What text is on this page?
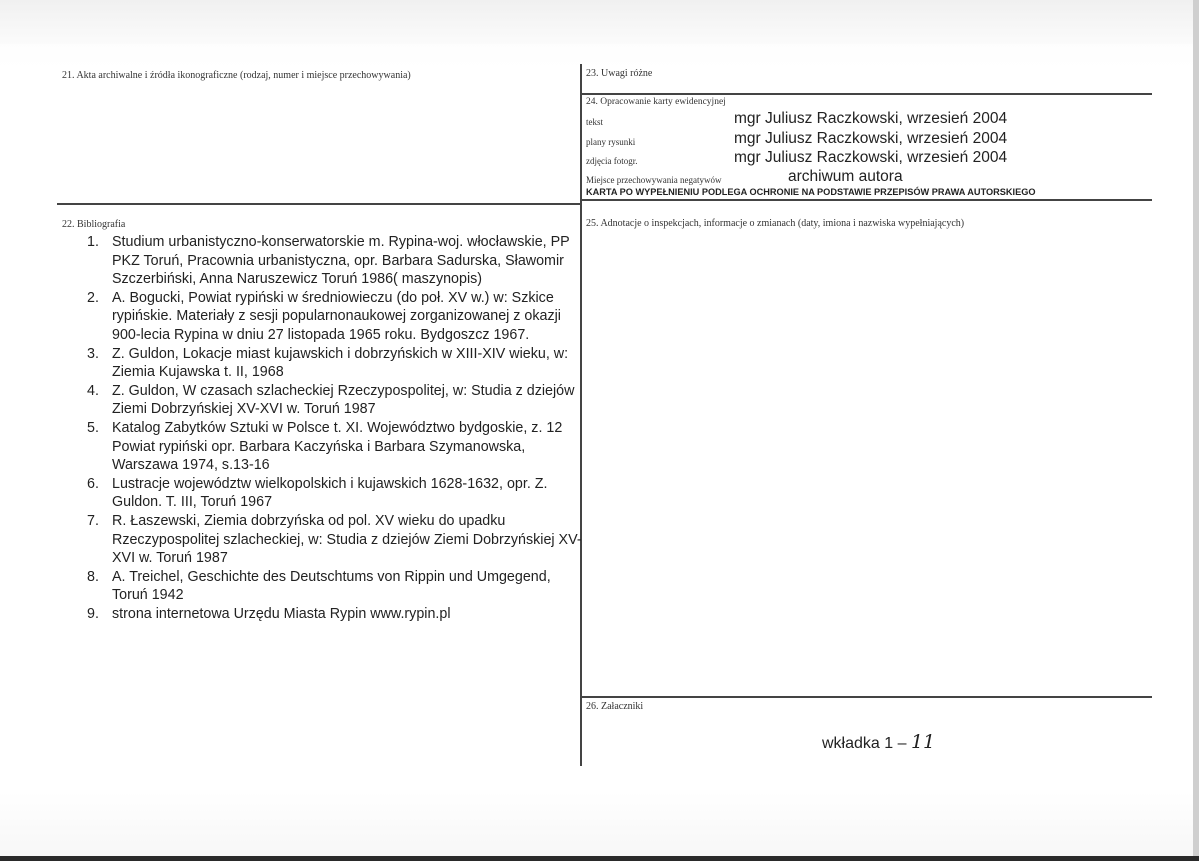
21. Akta archiwalne i źródła ikonograficzne (rodzaj, numer i miejsce przechowywania)	23. Uwagi różne
24. Opracowanie karty ewidencyjnej
22. Bibliografia	25. Adnotacje o inspekcjach, informacje o zmianach (daty, imiona i nazwiska wypełniających)
26. Załaczniki
tekst	mgr Juliusz Raczkowski, wrzesień 2004
plany rysunki	mgr Juliusz Raczkowski, wrzesień 2004
zdjęcia fotogr.	mgr Juliusz Raczkowski, wrzesień 2004
Miejsce przechowywania negatywów	archiwum autora
KARTA PO WYPEŁNIENIU PODLEGA OCHRONIE NA PODSTAWIE PRZEPISÓW PRAWA AUTORSKIEGO
1. Studium urbanistyczno-konserwatorskie m. Rypina-woj. włocławskie, PP PKZ Toruń, Pracownia urbanistyczna, opr. Barbara Sadurska, Sławomir Szczerbiński, Anna Naruszewicz Toruń 1986( maszynopis)
2. A. Bogucki, Powiat rypiński w średniowieczu (do poł. XV w.) w: Szkice rypińskie. Materiały z sesji popularnonaukowej zorganizowanej z okazji 900-lecia Rypina w dniu 27 listopada 1965 roku. Bydgoszcz 1967.
3. Z. Guldon, Lokacje miast kujawskich i dobrzyńskich w XIII-XIV wieku, w: Ziemia Kujawska t. II, 1968
4. Z. Guldon, W czasach szlacheckiej Rzeczypospolitej, w: Studia z dziejów Ziemi Dobrzyńskiej XV-XVI w. Toruń 1987
5. Katalog Zabytków Sztuki w Polsce t. XI. Województwo bydgoskie, z. 12 Powiat rypiński opr. Barbara Kaczyńska i Barbara Szymanowska, Warszawa 1974, s.13-16
6. Lustracje województw wielkopolskich i kujawskich 1628-1632, opr. Z. Guldon. T. III, Toruń 1967
7. R. Łaszewski, Ziemia dobrzyńska od pol. XV wieku do upadku Rzeczypospolitej szlacheckiej, w: Studia z dziejów Ziemi Dobrzyńskiej XV-XVI w. Toruń 1987
8. A. Treichel, Geschichte des Deutschtums von Rippin und Umgegend, Toruń 1942
9. strona internetowa Urzędu Miasta Rypin www.rypin.pl
wkładka 1 – 11
